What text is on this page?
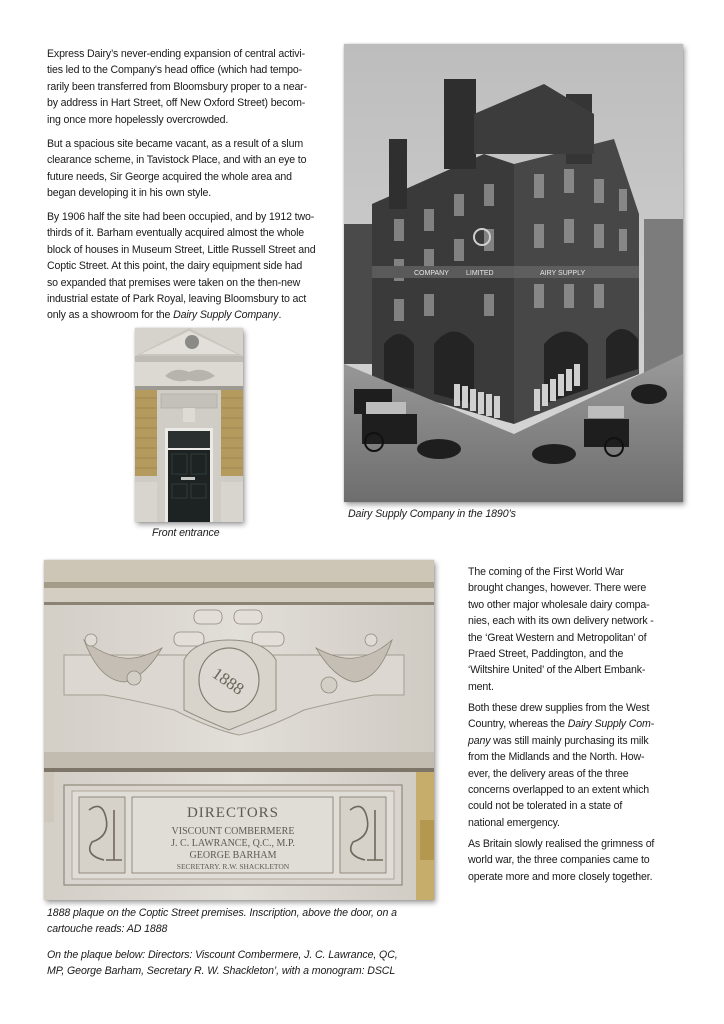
Express Dairy’s never-ending expansion of central activi-
ties led to the Company's head office (which had tempo-
rarily been transferred from Bloomsbury proper to a near-
by address in Hart Street, off New Oxford Street) becom-
ing once more hopelessly overcrowded.
But a spacious site became vacant, as a result of a slum
clearance scheme, in Tavistock Place, and with an eye to
future needs, Sir George acquired the whole area and
began developing it in his own style.
By 1906 half the site had been occupied, and by 1912 two-
thirds of it. Barham eventually acquired almost the whole
block of houses in Museum Street, Little Russell Street and
Coptic Street. At this point, the dairy equipment side had
so expanded that premises were taken on the then-new
industrial estate of Park Royal, leaving Bloomsbury to act
only as a showroom for the Dairy Supply Company.
Front entrance
COMPANY LIMITED	AIRY SUPPLY
Dairy Supply Company in the 1890’s
1888
DIRECTORS
VISCOUNT COMBERMERE
J. C. LAWRANCE, Q.C., M.P.
GEORGE BARHAM
SECRETARY. R.W. SHACKLETON
1888 plaque on the Coptic Street premises. Inscription, above the door, on a
cartouche reads: AD 1888
On the plaque below: Directors: Viscount Combermere, J. C. Lawrance, QC,
MP, George Barham, Secretary R. W. Shackleton’, with a monogram: DSCL
The coming of the First World War
brought changes, however. There were
two other major wholesale dairy compa-
nies, each with its own delivery network -
the ‘Great Western and Metropolitan’ of
Praed Street, Paddington, and the
‘Wiltshire United’ of the Albert Embank-
ment.
Both these drew supplies from the West
Country, whereas the Dairy Supply Com-
pany was still mainly purchasing its milk
from the Midlands and the North. How-
ever, the delivery areas of the three
concerns overlapped to an extent which
could not be tolerated in a state of
national emergency.
As Britain slowly realised the grimness of
world war, the three companies came to
operate more and more closely together.
